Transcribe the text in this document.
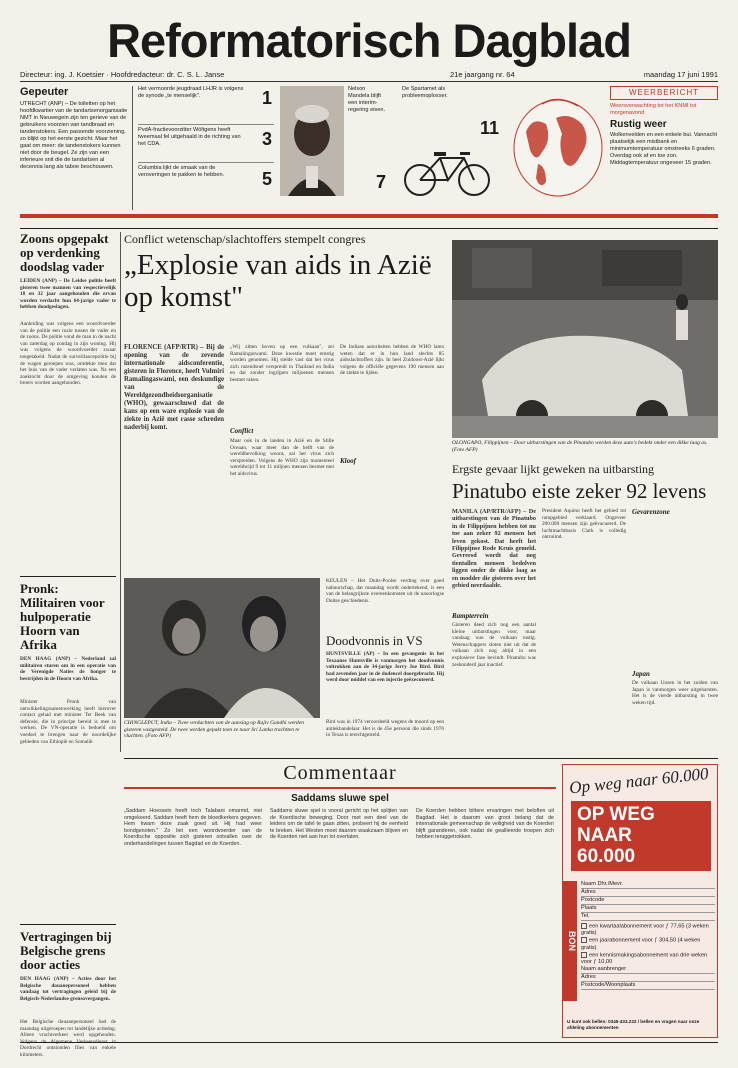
Reformatorisch Dagblad
Directeur: ing. J. Koetsier · Hoofdredacteur: dr. C. S. L. Janse	21e jaargang nr. 64	maandag 17 juni 1991
Gepeuter
UTRECHT (ANP) – De toiletten op het hoofdkwartier van de tandartsenorganisatie NMT in Nieuwegein zijn ten gerieve van de gebruikers voorzien van tandbraad en tandenstokers. Een passende voorziening, zo blijkt op het eerste gezicht. Maar het gaat om meer: de tandenstokers kunnen niet door de beugel. Ze zijn van een inferieure snit die de tandartsen al decennia lang als taboe beschouwen.
Het vermoorde jeugdraad LHJR is volgens de synode „te menselijk".	1
PvdA-fractievoorzitter Wöltgens heeft tweemaal fel uitgehaald in de richting van het CDA.	3
Columbia lijkt de smaak van de veroveringen te pakken te hebben.	5
Nelson Mandela blijft een interim-regering eisen.
7
De Spartamet als probleemoplosser.
11
WEERBERICHT
Weersverwachting tot het KNMI tot morgenavond
Rustig weer
Wolkenvelden en een enkele bui. Vannacht plaatselijk een mistbank en minimumtemperatuur omstreeks 6 graden. Overdag ook af en toe zon. Middagtemperatuur ongeveer 15 graden.
Zoons opgepakt op verdenking doodslag vader
LEIDEN (ANP) – De Leidse politie heeft gisteren twee mannen van respectievelijk 18 en 32 jaar aangehouden die ervan worden verdacht hun 64-jarige vader te hebben doodgeslagen.
Aanleiding was volgens een woordvoerder van de politie een ruzie tussen de vader en de zoons. De politie vond de man in de nacht van zaterdag op zondag in zijn woning. Hij was volgens de woordvoerder zwaar toegetakeld. Nadat de surveillancepolitie bij de wagen geroepen was, ontdekte men dat het huis van de vader verlaten was. Na een zoektocht door de omgeving konden de broers worden aangehouden.
Pronk: Militairen voor hulpoperatie Hoorn van Afrika
DEN HAAG (ANP) – Nederland zal militairen sturen om in een operatie van de Verenigde Naties de honger te bestrijden in de Hoorn van Afrika.
Minister Pronk van ontwikkelingssamenwerking heeft hierover contact gehad met minister Ter Beek van defensie, die in principe bereid is mee te werken. De VN-operatie is bedoeld om voedsel te brengen naar de noordelijke gebieden van Ethiopië en Somalië.
Vertragingen bij Belgische grens door acties
DEN HAAG (ANP) – Acties door het Belgische douanepersoneel hebben vandaag tot vertragingen geleid bij de Belgisch-Nederlandse grensovergangen.
Het Belgische douanepersoneel had de maandag uitgeroepen tot landelijke actiedag. Alleen vrachtverkeer werd opgehouden. Dordrecht ontstonden files van enkele kilometers.
Conflict wetenschap/slachtoffers stempelt congres
„Explosie van aids in Azië op komst"
FLORENCE (AFP/RTR) – Bij de opening van de zevende internationale aidsconferentie, gisteren in Florence, heeft Vulmiri Ramalingaswami, een deskundige van de Wereldgezondheidsorganisatie (WHO), gewaarschuwd dat de kans op een ware explosie van de ziekte in Azië met rasse schreden naderbij komt.
„Wij zitten boven op een vulkaan", zei Ramalingaswami. Deze kwestie moet ernstig worden genomen. Hij stelde vast dat het virus zich razendsnel verspreidt in Thailand en India en dat zonder ingrijpen miljoenen mensen besmet raken.
Conflict
Maar ook in de landen in Azië en de Stille Oceaan, waar meer dan de helft van de wereldbevolking woont, zal het virus zich verspreiden. Volgens de WHO zijn momenteel wereldwijd 9 tot 11 miljoen mensen besmet met het aidsvirus.
De Indiase autoriteiten hebben de WHO laten weten dat er in hun land slechts 85 aidsslachtoffers zijn. In heel Zuidoost-Azië lijkt volgens de officiële gegevens 190 mensen aan de ziekte te lijden.
Kloof
CHINGLEPUT, India – Twee verdachten van de aanslag op Rajiv Gandhi werden gisteren vastgesteld. De twee werden gepakt toen ze naar Sri Lanka trachtten te vluchten. (Foto AFP)
KEULEN – Het Duits-Poolse verdrag over goed nabuurschap, dat maandag wordt ondertekend, is een van de belangrijkste overeenkomsten uit de naoorlogse Duitse geschiedenis.
Doodvonnis in VS
HUNTSVILLE (AP) – In een gevangenis in het Texaanse Huntsville is vanmorgen het doodvonnis voltrokken aan de 34-jarige Jerry Joe Bird. Bird had zevenden jaar in de dodencel doorgebracht. Hij werd door middel van een injectie geëxecuteerd.
Bird was in 1974 veroordeeld wegens de moord op een antiekhandelaar. Het is de 45e persoon die sinds 1976 in Texas is terechtgesteld.
OLONGAPO, Filippijnen – Door uitbarstingen van de Pinatubo werden deze auto's bedekt onder een dikke laag as. (Foto AFP)
Ergste gevaar lijkt geweken na uitbarsting
Pinatubo eiste zeker 92 levens
MANILA (AP/RTR/AFP) – De uitbarstingen van de Pinatubo in de Filippijnen hebben tot nu toe aan zeker 92 mensen het leven gekost. Dat heeft het Filippijnse Rode Kruis gemeld. Gevreesd wordt dat nog tientallen mensen bedolven liggen onder de dikke laag as en modder die gisteren over het gebied neerdaalde.
Rampterrein
Gisteren deed zich nog een aantal kleine uitbarstingen voor, maar vandaag was de vulkaan rustig. Wetenschappers sloten niet uit dat de vulkaan zich nog altijd in een explosieve fase bevindt. Pinatubo was zeshonderd jaar inactief.
President Aquino heeft het gebied tot rampgebied verklaard. Ongeveer 200.000 mensen zijn geëvacueerd. De luchtmachtbasis Clark is volledig ontruimd.
Gevarenzone
Japan
De vulkaan Unzen in het zuiden van Japan is vanmorgen weer uitgebarsten. Het is de vierde uitbarsting in twee weken tijd.
Commentaar
Saddams sluwe spel
„Saddam Hoessein heeft toch Talabani omarmd, niet omgekeerd. Saddam heeft hem de bloedkerkers gegeven. Hem kwam deze zaak goed uit. Hij had weer bondgenoten." Zo liet een woordvoerder van de Koerdische oppositie zich gisteren ontvallen over de onderhandelingen tussen Bagdad en de Koerden.
Saddams sluwe spel is vooral gericht op het splijten van de Koerdische beweging. Door met een deel van de leiders om de tafel te gaan zitten, probeert hij de eenheid te breken. Het Westen moet daarom waakzaam blijven en de Koerden niet aan hun lot overlaten.
De Koerden hebben bittere ervaringen met beloften uit Bagdad. Het is daarom van groot belang dat de internationale gemeenschap de veiligheid van de Koerden blijft garanderen, ook nadat de geallieerde troepen zich hebben teruggetrokken.
Op weg naar 60.000
OP WEG
NAAR
60.000
BON
Naam Dhr./Mevr.
Adres
Postcode
Plaats
Tel.
een kwartaalabonnement voor ƒ 77,65 (3 weken gratis)
een jaarabonnement voor ƒ 304,50 (4 weken gratis)
een kennismakingsabonnement van drie weken voor ƒ 10,00
Naam aanbrenger
Adres
Postcode/Woonplaats
U kunt ook bellen: 0345-433.222 / bellen en vragen naar onze afdeling abonnementen
